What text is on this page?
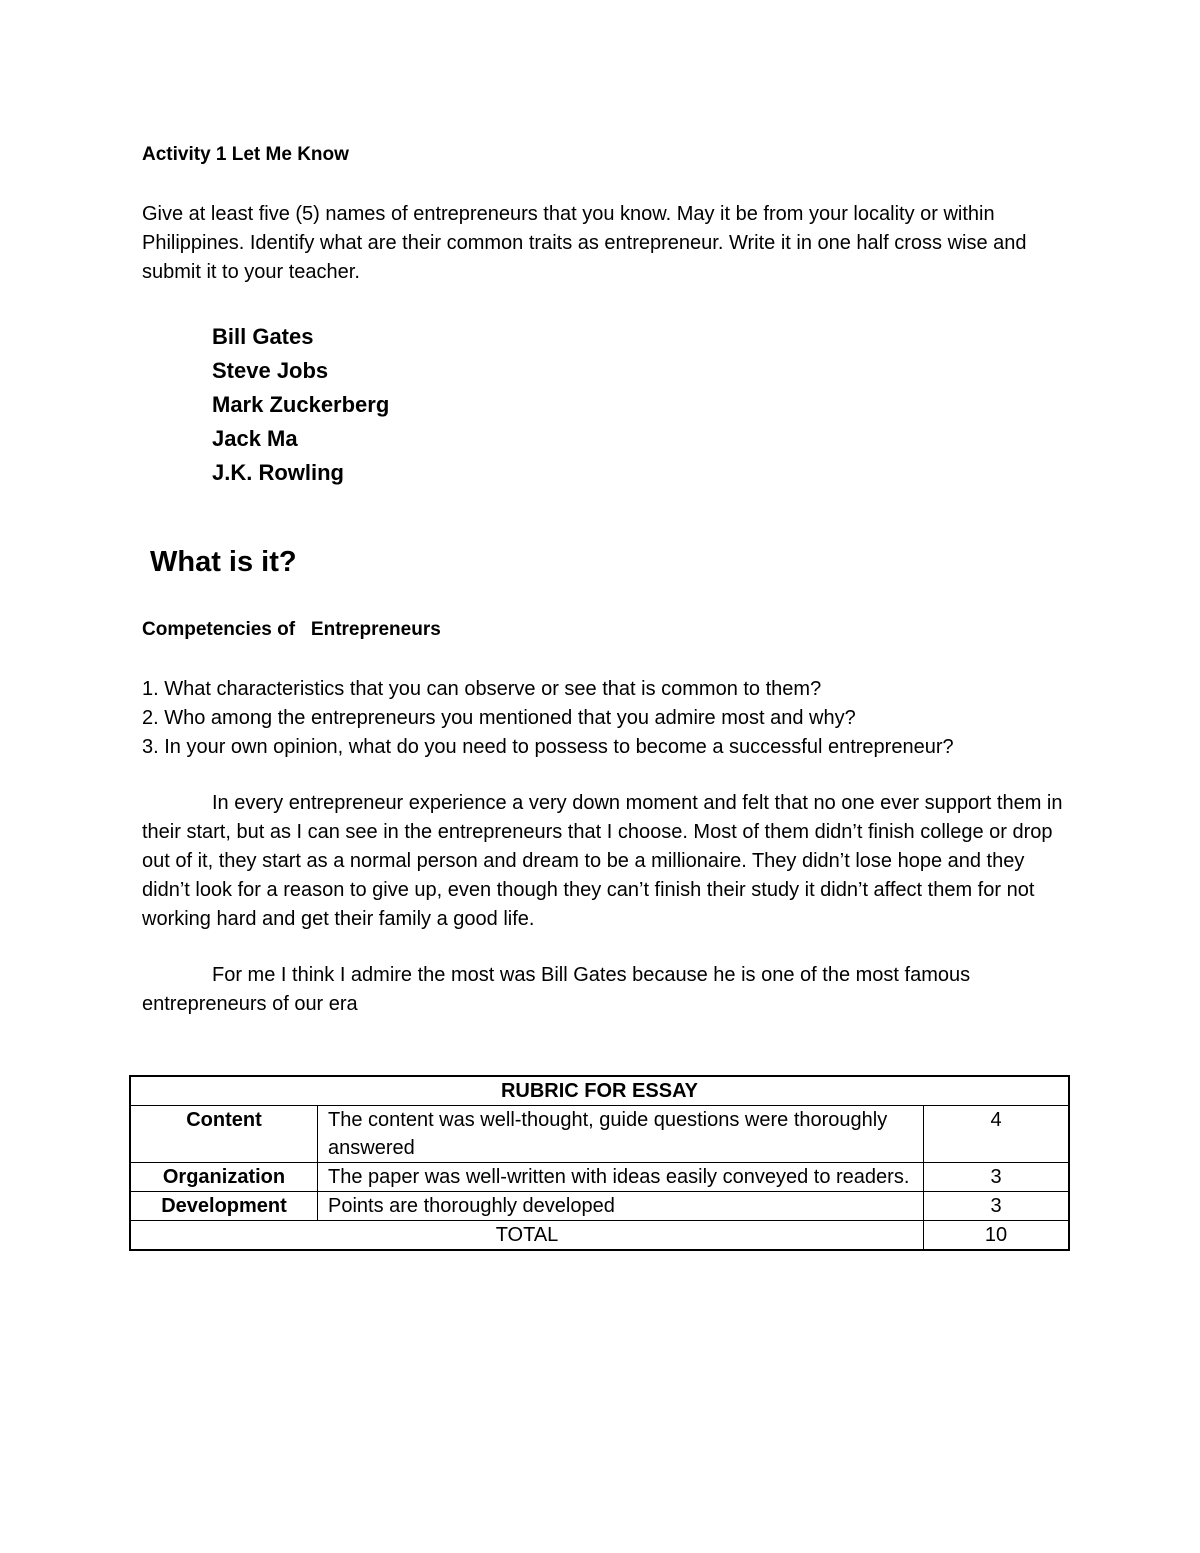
Activity 1 Let Me Know
Give at least five (5) names of entrepreneurs that you know. May it be from your locality or within Philippines. Identify what are their common traits as entrepreneur. Write it in one half cross wise and submit it to your teacher.
Bill Gates
Steve Jobs
Mark Zuckerberg
Jack Ma
J.K. Rowling
What is it?
Competencies of   Entrepreneurs
1. What characteristics that you can observe or see that is common to them?
2. Who among the entrepreneurs you mentioned that you admire most and why?
3. In your own opinion, what do you need to possess to become a successful entrepreneur?

In every entrepreneur experience a very down moment and felt that no one ever support them in their start, but as I can see in the entrepreneurs that I choose. Most of them didn’t finish college or drop out of it, they start as a normal person and dream to be a millionaire. They didn’t lose hope and they didn’t look for a reason to give up, even though they can’t finish their study it didn’t affect them for not working hard and get their family a good life.

For me I think I admire the most was Bill Gates because he is one of the most famous entrepreneurs of our era

RUBRIC FOR ESSAY		
Content	The content was well-thought, guide questions were thoroughly answered	4
Organization	The paper was well-written with ideas easily conveyed to readers.	3
Development	Points are thoroughly developed	3
TOTAL		10
